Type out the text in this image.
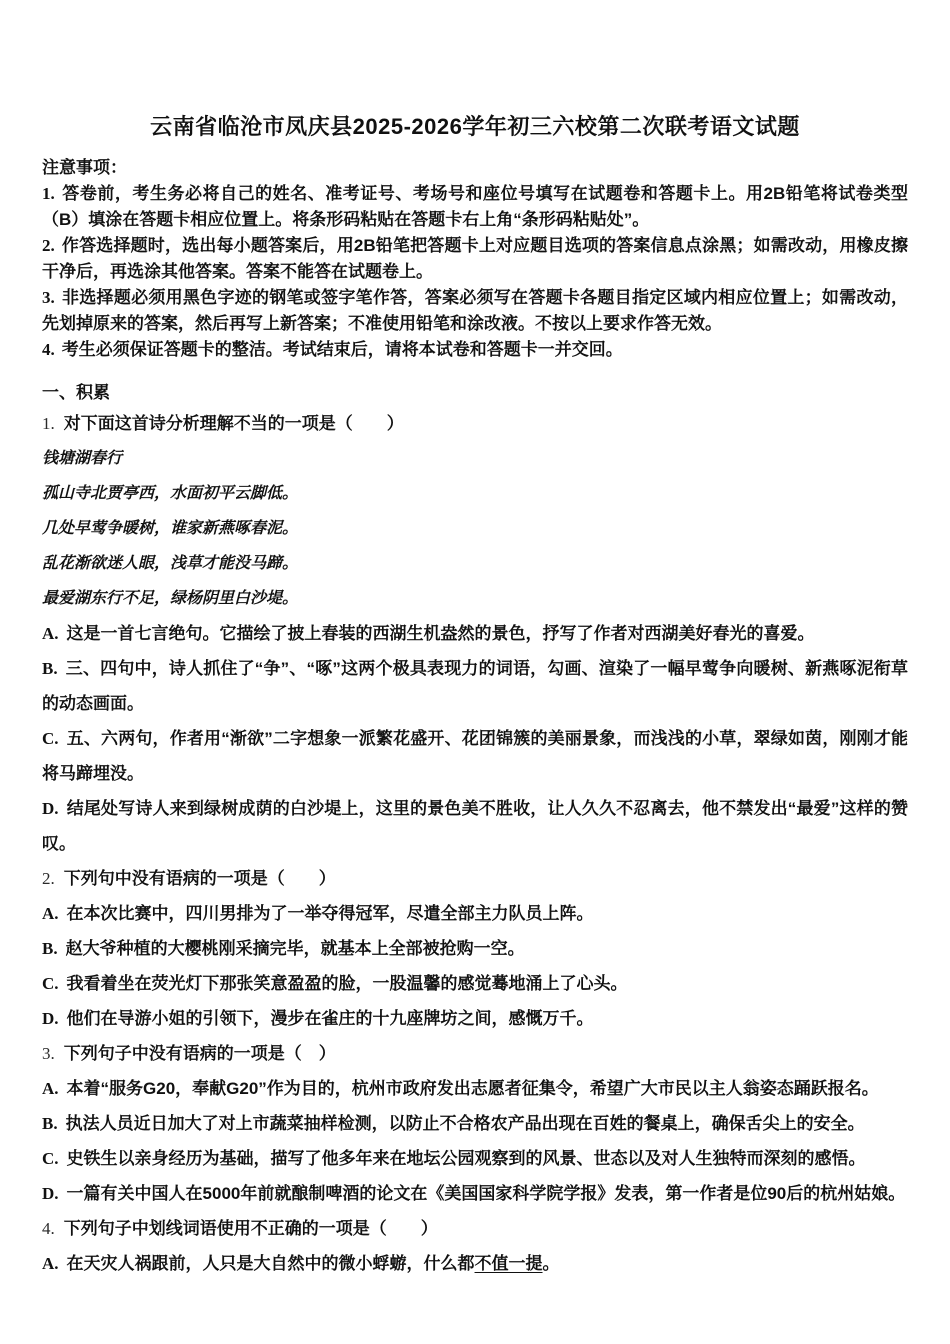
云南省临沧市凤庆县2025-2026学年初三六校第二次联考语文试题

注意事项：

1. 答卷前，考生务必将自己的姓名、准考证号、考场号和座位号填写在试题卷和答题卡上。用2B铅笔将试卷类型（B）填涂在答题卡相应位置上。将条形码粘贴在答题卡右上角“条形码粘贴处”。

2. 作答选择题时，选出每小题答案后，用2B铅笔把答题卡上对应题目选项的答案信息点涂黑；如需改动，用橡皮擦干净后，再选涂其他答案。答案不能答在试题卷上。

3. 非选择题必须用黑色字迹的钢笔或签字笔作答，答案必须写在答题卡各题目指定区域内相应位置上；如需改动，先划掉原来的答案，然后再写上新答案；不准使用铅笔和涂改液。不按以上要求作答无效。

4. 考生必须保证答题卡的整洁。考试结束后，请将本试卷和答题卡一并交回。

一、积累

1. 对下面这首诗分析理解不当的一项是（　　）

钱塘湖春行

孤山寺北贾亭西，水面初平云脚低。

几处早莺争暖树，谁家新燕啄春泥。

乱花渐欲迷人眼，浅草才能没马蹄。

最爱湖东行不足，绿杨阴里白沙堤。

A. 这是一首七言绝句。它描绘了披上春装的西湖生机盎然的景色，抒写了作者对西湖美好春光的喜爱。

B. 三、四句中，诗人抓住了“争”、“啄”这两个极具表现力的词语，勾画、渲染了一幅早莺争向暖树、新燕啄泥衔草的动态画面。

C. 五、六两句，作者用“渐欲”二字想象一派繁花盛开、花团锦簇的美丽景象，而浅浅的小草，翠绿如茵，刚刚才能将马蹄埋没。

D. 结尾处写诗人来到绿树成荫的白沙堤上，这里的景色美不胜收，让人久久不忍离去，他不禁发出“最爱”这样的赞叹。

2. 下列句中没有语病的一项是（　　）

A. 在本次比赛中，四川男排为了一举夺得冠军，尽遣全部主力队员上阵。

B. 赵大爷种植的大樱桃刚采摘完毕，就基本上全部被抢购一空。

C. 我看着坐在荧光灯下那张笑意盈盈的脸，一股温馨的感觉蓦地涌上了心头。

D. 他们在导游小姐的引领下，漫步在雀庄的十九座牌坊之间，感慨万千。

3. 下列句子中没有语病的一项是（　）

A. 本着“服务G20，奉献G20”作为目的，杭州市政府发出志愿者征集令，希望广大市民以主人翁姿态踊跃报名。

B. 执法人员近日加大了对上市蔬菜抽样检测，以防止不合格农产品出现在百姓的餐桌上，确保舌尖上的安全。

C. 史铁生以亲身经历为基础，描写了他多年来在地坛公园观察到的风景、世态以及对人生独特而深刻的感悟。

D. 一篇有关中国人在5000年前就酿制啤酒的论文在《美国国家科学院学报》发表，第一作者是位90后的杭州姑娘。

4. 下列句子中划线词语使用不正确的一项是（　　）

A. 在天灾人祸跟前，人只是大自然中的微小蜉蝣，什么都不值一提。
